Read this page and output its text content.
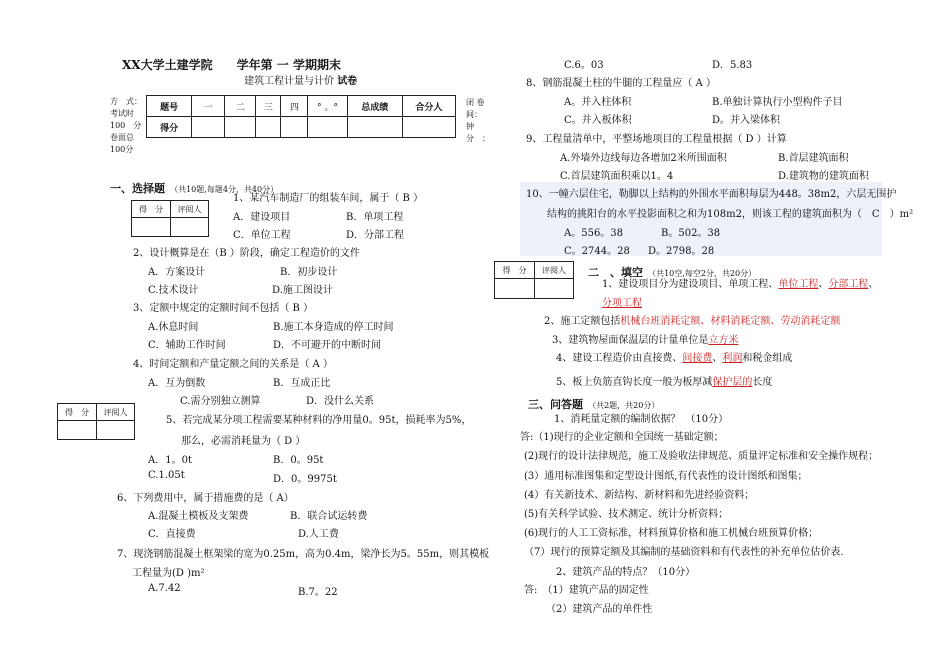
XX大学土建学院　　学年第 一 学期期末
建筑工程计量与计价 试卷
方　式：
考试时
100　分
卷面总
100分
题号	一	二	三	四	° 。°	总成绩	合分人
得分							
闭 卷
间：
钟
分　：
一、选择题 （共10题,每题4分，共40分）
得　分	评阅人

1、某汽车制造厂的组装车间，属于（ B ）
A．建设项目	B．单项工程
C．单位工程	D．分部工程
2、设计概算是在（B ）阶段，确定工程造价的文件
A．方案设计	B．初步设计
C.技术设计	D.施工图设计
3、定额中规定的定额时间不包括（ B ）
A.休息时间	B.施工本身造成的停工时间
C．辅助工作时间	D．不可避开的中断时间
4、时间定额和产量定额之间的关系是（ A ）
A．互为倒数	B．互成正比
C.需分别独立测算	D．没什么关系
得　分	评阅人

5、若完成某分项工程需要某种材料的净用量0。95t，损耗率为5%，
那么，必需消耗量为（ D ）
A．1。0t	B．0。95t
C.1.05t	D．0。9975t
6、下列费用中，属于措施费的是（ A）
A.混凝土模板及支架费	B．联合试运转费
C．直接费	D.人工费
7、现浇钢筋混凝土框架梁的宽为0.25m，高为0.4m，梁净长为5。55m，则其模板
工程量为(D )m²
A.7.42	B.7。22
C.6。03	D．5.83
8、钢筋混凝土柱的牛腿的工程量应（ A ）
A。并入柱体积	B.单独计算执行小型构件子目
C。并入板体积	D。并入梁体积
9、工程量清单中，平整场地项目的工程量根据（ D ）计算
A.外墙外边线每边各增加2米所围面积	B.首层建筑面积
C.首层建筑面积乘以1。4	D.建筑物的建筑面积
10、一幢六层住宅，勒脚以上结构的外围水平面积每层为448。38m2，六层无围护
结构的挑阳台的水平投影面积之和为108m2，则该工程的建筑面积为（　C　）m²
A。556。38	B。502。38
C。2744。28 D。2798。28
得　分	评阅人
	二　、填空 （共10空,每空2分，共20分）
1、建设项目分为建设项目、单项工程、单位工程、分部工程、
分项工程
2、施工定额包括机械台班消耗定额、材料消耗定额、劳动消耗定额
3、建筑物屋面保温层的计量单位是立方米
4、建设工程造价由直接费、间接费、利润和税金组成
5、板上负筋直钩长度一般为板厚减保护层的长度
三、问答题 （共2题，共20分）
1、消耗量定额的编制依据？　（10分）
答:（1)现行的企业定额和全国统一基础定额；
(2)现行的设计法律规范，施工及验收法律规范、质量评定标准和安全操作规程；
(3）通用标准图集和定型设计图纸,有代表性的设计图纸和图集；
(4）有关新技术、新结构、新材料和先进经验资料；
(5)有关科学试验、技术测定、统计分析资料；
(6)现行的人工工资标准，材料预算价格和施工机械台班预算价格；
（7）现行的预算定额及其编制的基础资料和有代表性的补充单位估价表.
2、建筑产品的特点？（10分）
答:　（1）建筑产品的固定性
（2）建筑产品的单件性
